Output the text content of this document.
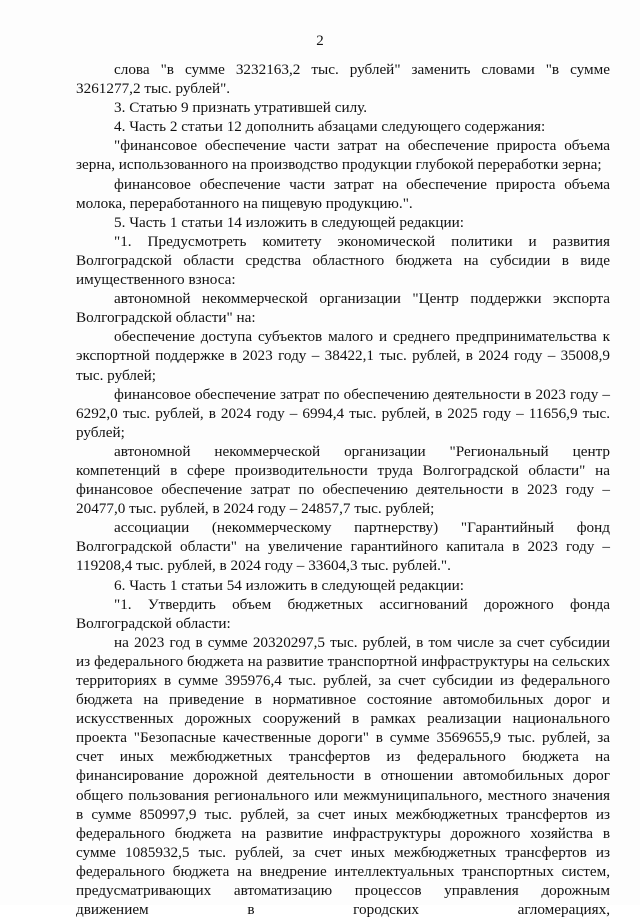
2

слова "в сумме 3232163,2 тыс. рублей" заменить словами "в сумме 3261277,2 тыс. рублей".

3. Статью 9 признать утратившей силу.

4. Часть 2 статьи 12 дополнить абзацами следующего содержания:

"финансовое обеспечение части затрат на обеспечение прироста объема зерна, использованного на производство продукции глубокой переработки зерна;

финансовое обеспечение части затрат на обеспечение прироста объема молока, переработанного на пищевую продукцию.".

5. Часть 1 статьи 14 изложить в следующей редакции:

"1. Предусмотреть комитету экономической политики и развития Волгоградской области средства областного бюджета на субсидии в виде имущественного взноса:

автономной некоммерческой организации "Центр поддержки экспорта Волгоградской области" на:

обеспечение доступа субъектов малого и среднего предпринимательства к экспортной поддержке в 2023 году – 38422,1 тыс. рублей, в 2024 году – 35008,9 тыс. рублей;

финансовое обеспечение затрат по обеспечению деятельности в 2023 году – 6292,0 тыс. рублей, в 2024 году – 6994,4 тыс. рублей, в 2025 году – 11656,9 тыс. рублей;

автономной некоммерческой организации "Региональный центр компетенций в сфере производительности труда Волгоградской области" на финансовое обеспечение затрат по обеспечению деятельности в 2023 году – 20477,0 тыс. рублей, в 2024 году – 24857,7 тыс. рублей;

ассоциации (некоммерческому партнерству) "Гарантийный фонд Волгоградской области" на увеличение гарантийного капитала в 2023 году – 119208,4 тыс. рублей, в 2024 году – 33604,3 тыс. рублей.".

6. Часть 1 статьи 54 изложить в следующей редакции:

"1. Утвердить объем бюджетных ассигнований дорожного фонда Волгоградской области:

на 2023 год в сумме 20320297,5 тыс. рублей, в том числе за счет субсидии из федерального бюджета на развитие транспортной инфраструктуры на сельских территориях в сумме 395976,4 тыс. рублей, за счет субсидии из федерального бюджета на приведение в нормативное состояние автомобильных дорог и искусственных дорожных сооружений в рамках реализации национального проекта "Безопасные качественные дороги" в сумме 3569655,9 тыс. рублей, за счет иных межбюджетных трансфертов из федерального бюджета на финансирование дорожной деятельности в отношении автомобильных дорог общего пользования регионального или межмуниципального, местного значения в сумме 850997,9 тыс. рублей, за счет иных межбюджетных трансфертов из федерального бюджета на развитие инфраструктуры дорожного хозяйства в сумме 1085932,5 тыс. рублей, за счет иных межбюджетных трансфертов из федерального бюджета на внедрение интеллектуальных транспортных систем, предусматривающих автоматизацию процессов управления дорожным движением в городских агломерациях,
